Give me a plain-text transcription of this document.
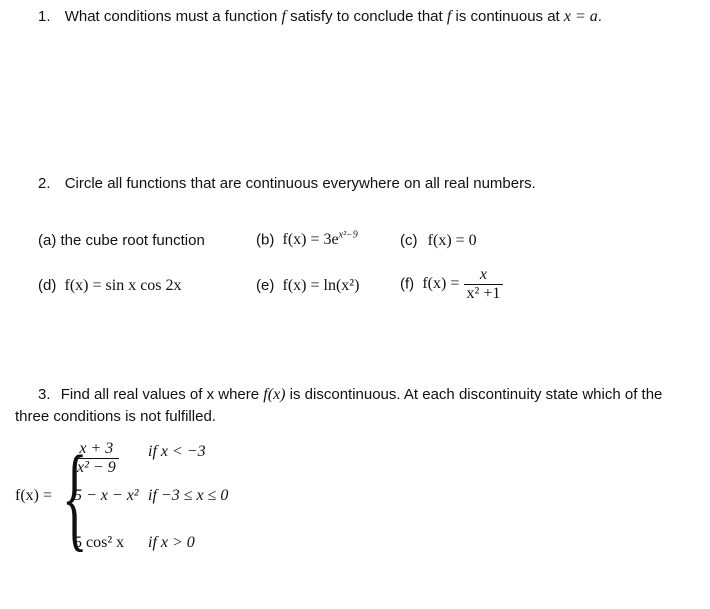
1. What conditions must a function f satisfy to conclude that f is continuous at x = a.
2. Circle all functions that are continuous everywhere on all real numbers.
(a) the cube root function	(b) $f(x) = 3e^{x^2-9}$	(c) f(x) = 0
(d) f(x) = sin x cos 2x	(e) f(x) = ln(x²)	(f) $f(x) = \frac{x}{\text{x² +1}}$
3. Find all real values of x where f(x) is discontinuous. At each discontinuity state which of the
three conditions is not fulfilled.
f(x) = {
$\frac{x + 3}{\text{x² − 9}}$ if x < −3
5 − x − x² if −3 ≤ x ≤ 0
5 cos² x if x > 0
